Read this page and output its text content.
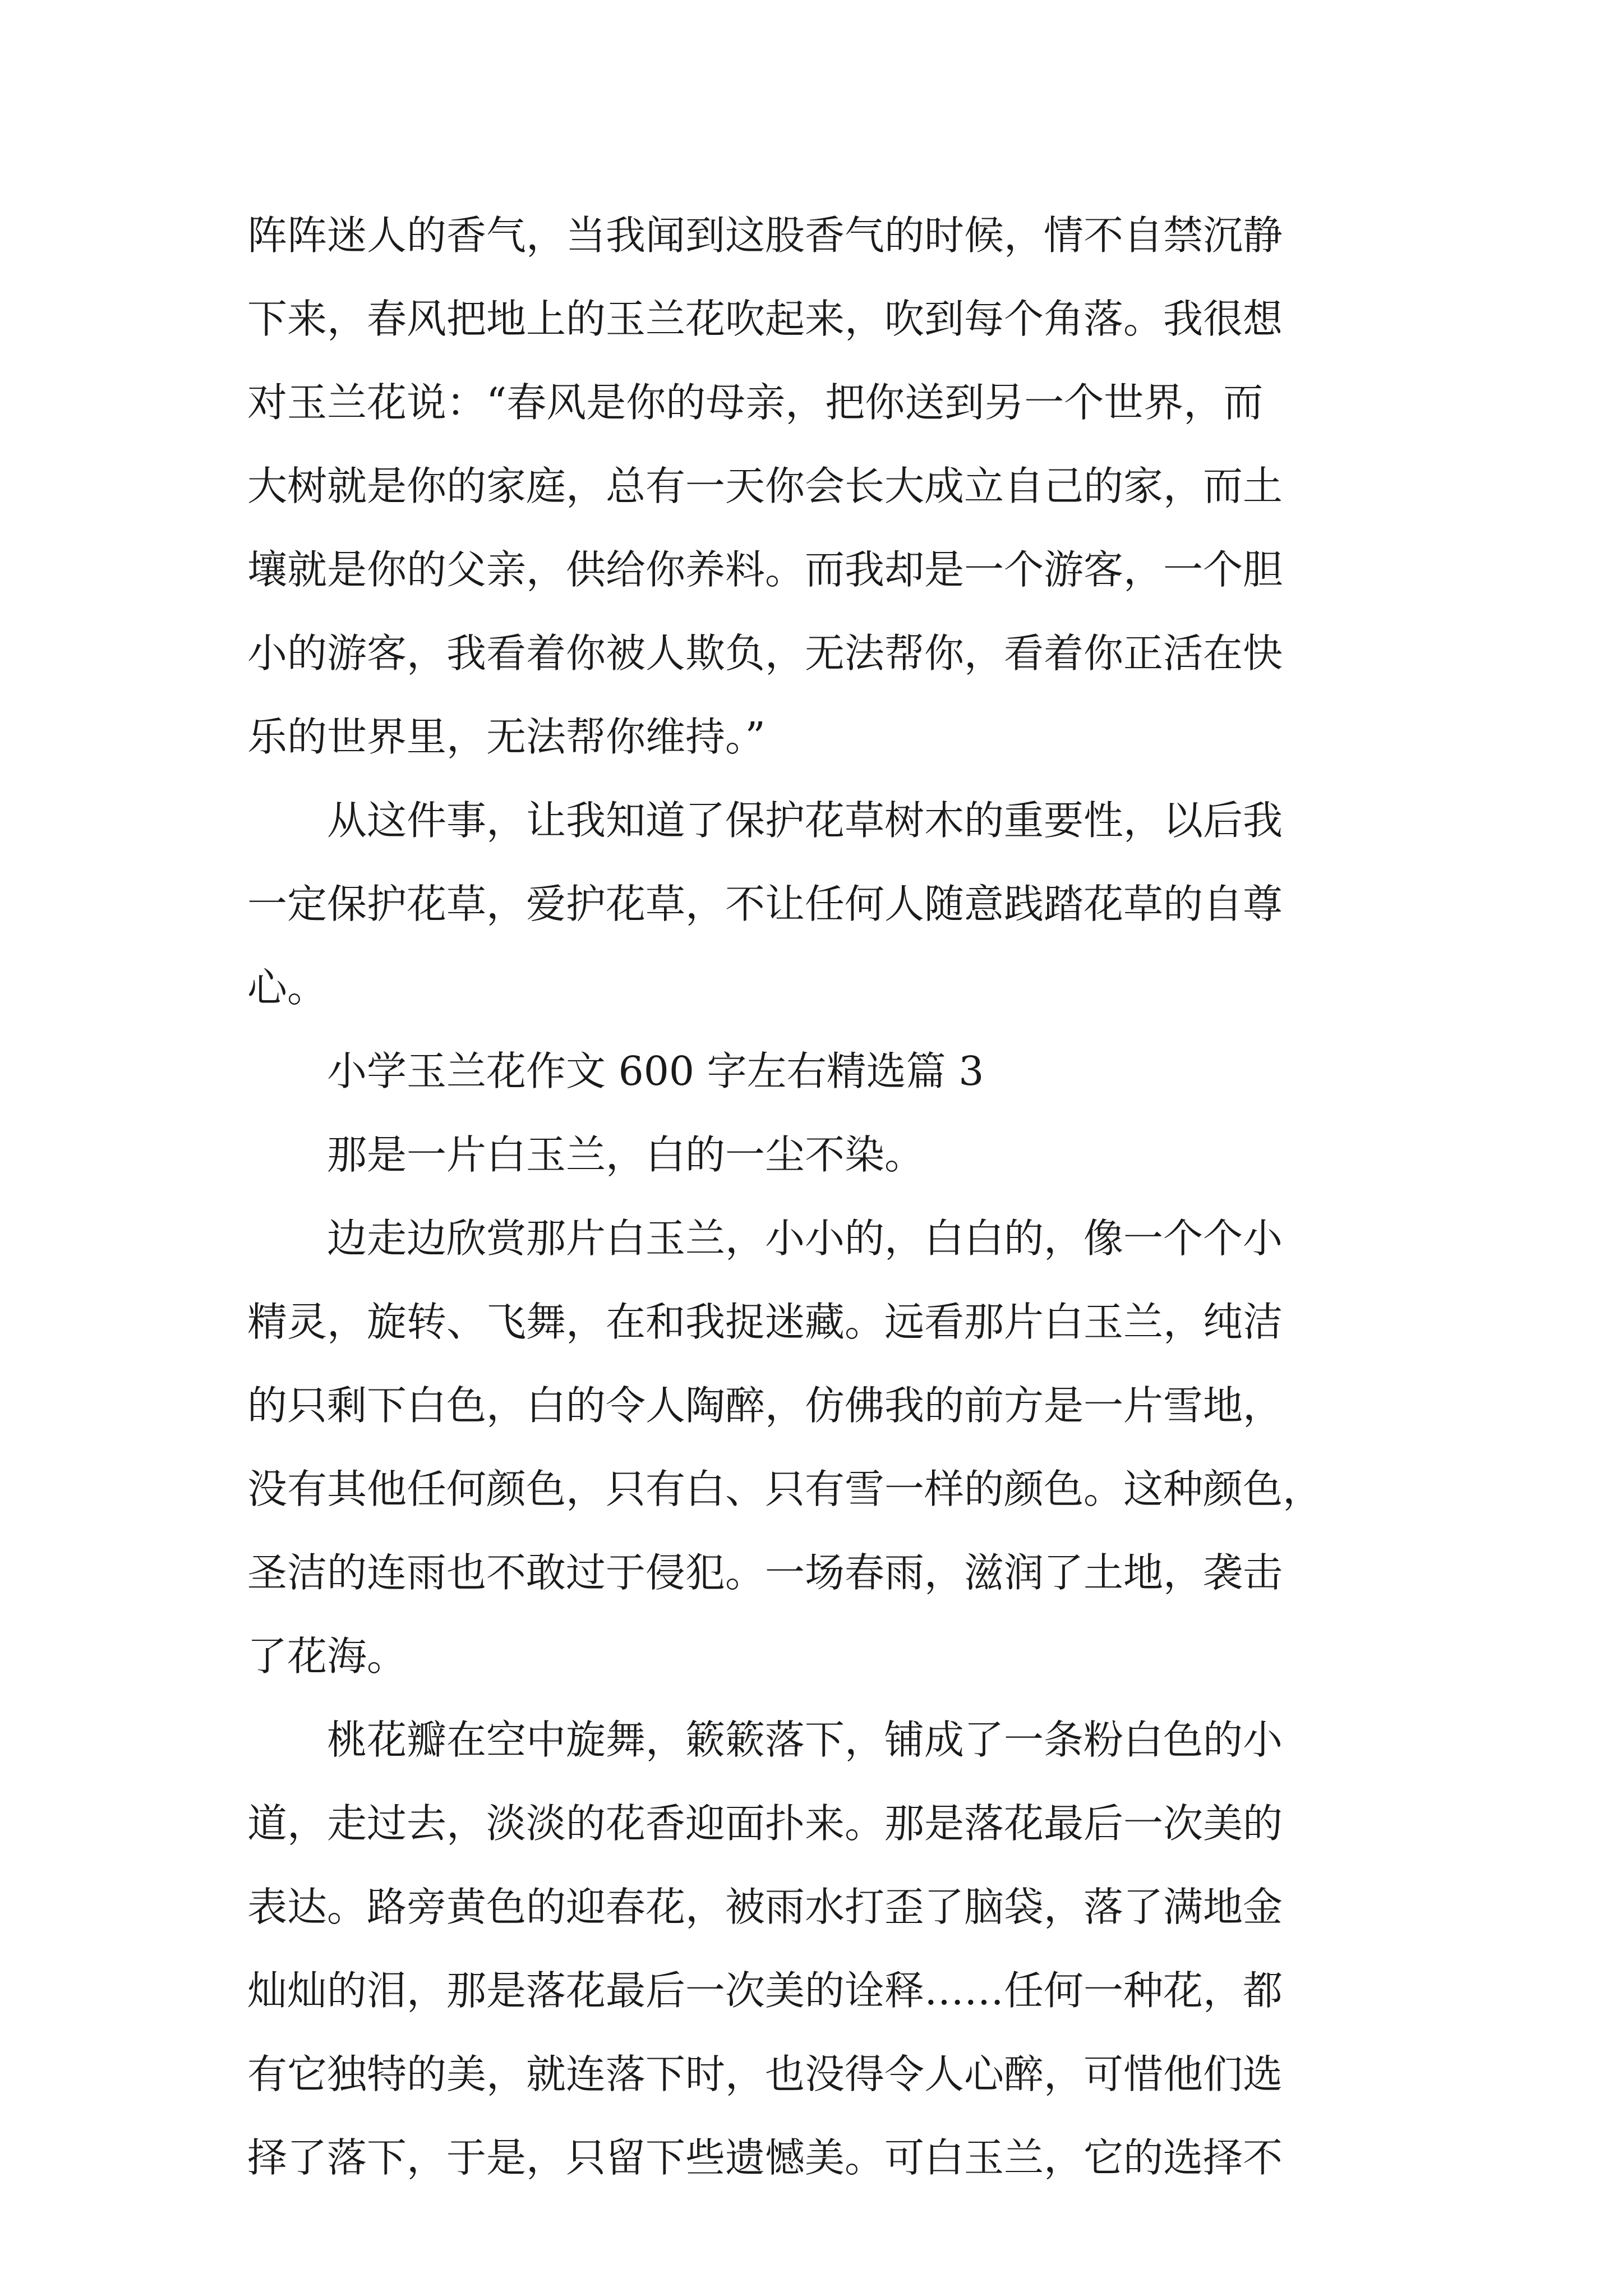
阵阵迷人的香气，当我闻到这股香气的时候，情不自禁沉静

下来，春风把地上的玉兰花吹起来，吹到每个角落。我很想

对玉兰花说：“春风是你的母亲，把你送到另一个世界，而

大树就是你的家庭，总有一天你会长大成立自己的家，而土

壤就是你的父亲，供给你养料。而我却是一个游客，一个胆

小的游客，我看着你被人欺负，无法帮你，看着你正活在快

乐的世界里，无法帮你维持。”

　　从这件事，让我知道了保护花草树木的重要性，以后我

一定保护花草，爱护花草，不让任何人随意践踏花草的自尊

心。

　　小学玉兰花作文 600 字左右精选篇 3

　　那是一片白玉兰，白的一尘不染。

　　边走边欣赏那片白玉兰，小小的，白白的，像一个个小

精灵，旋转、飞舞，在和我捉迷藏。远看那片白玉兰，纯洁

的只剩下白色，白的令人陶醉，仿佛我的前方是一片雪地，

没有其他任何颜色，只有白、只有雪一样的颜色。这种颜色，

圣洁的连雨也不敢过于侵犯。一场春雨，滋润了土地，袭击

了花海。

　　桃花瓣在空中旋舞，簌簌落下，铺成了一条粉白色的小

道，走过去，淡淡的花香迎面扑来。那是落花最后一次美的

表达。路旁黄色的迎春花，被雨水打歪了脑袋，落了满地金

灿灿的泪，那是落花最后一次美的诠释……任何一种花，都

有它独特的美，就连落下时，也没得令人心醉，可惜他们选

择了落下，于是，只留下些遗憾美。可白玉兰，它的选择不
